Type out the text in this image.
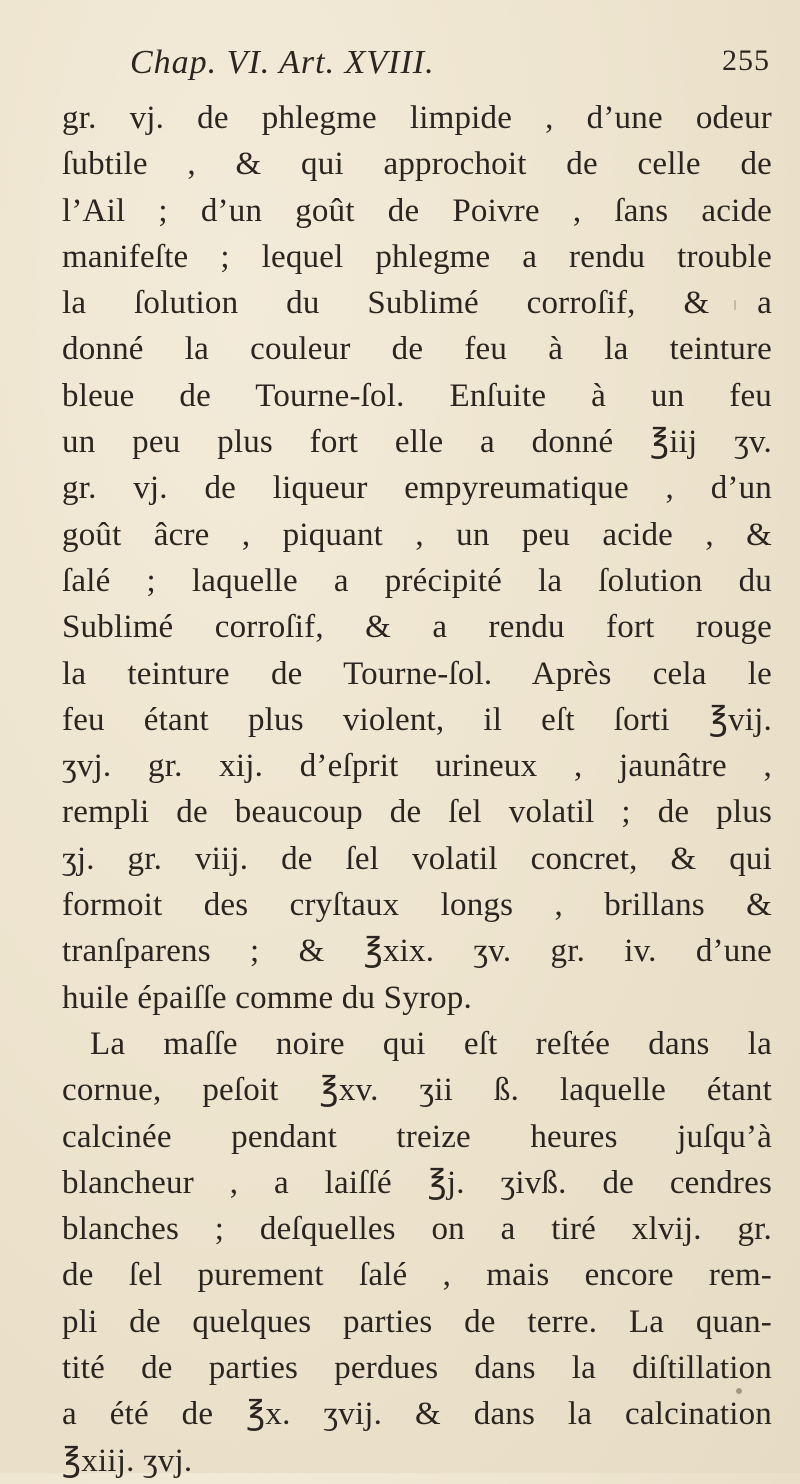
Chap. VI. Art. XVIII.	255
gr. vj. de phlegme limpide , d’une odeur
ſubtile , & qui approchoit de celle de
l’Ail ; d’un goût de Poivre , ſans acide
manifeſte ; lequel phlegme a rendu trouble
la ſolution du Sublimé corroſif, & a
donné la couleur de feu à la teinture
bleue de Tourne-ſol. Enſuite à un feu
un peu plus fort elle a donné ℥iij ʒv.
gr. vj. de liqueur empyreumatique , d’un
goût âcre , piquant , un peu acide , &
ſalé ; laquelle a précipité la ſolution du
Sublimé corroſif, & a rendu fort rouge
la teinture de Tourne-ſol. Après cela le
feu étant plus violent, il eſt ſorti ℥vij.
ʒvj. gr. xij. d’eſprit urineux , jaunâtre ,
rempli de beaucoup de ſel volatil ; de plus
ʒj. gr. viij. de ſel volatil concret, & qui
formoit des cryſtaux longs , brillans &
tranſparens ; & ℥xix. ʒv. gr. iv. d’une
huile épaiſſe comme du Syrop.
La maſſe noire qui eſt reſtée dans la
cornue, peſoit ℥xv. ʒii ß. laquelle étant
calcinée pendant treize heures juſqu’à
blancheur , a laiſſé ℥j. ʒivß. de cendres
blanches ; deſquelles on a tiré xlvij. gr.
de ſel purement ſalé , mais encore rem-
pli de quelques parties de terre. La quan-
tité de parties perdues dans la diſtillation
a été de ℥x. ʒvij. & dans la calcination
℥xiij. ʒvj.
